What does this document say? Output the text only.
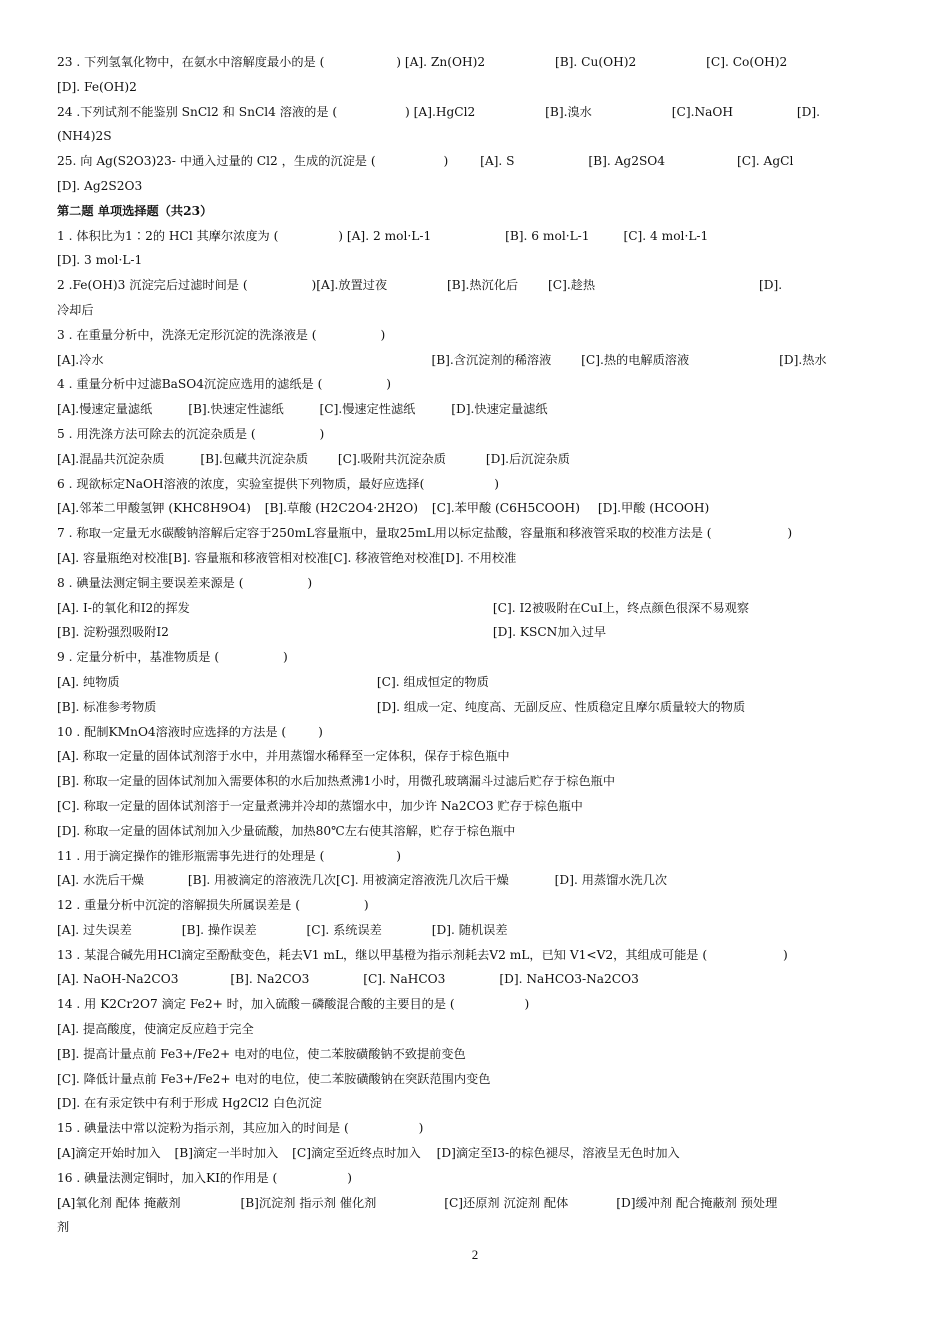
23 . 下列氢氧化物中，在氨水中溶解度最小的是 (	) [A]. Zn(OH)2	[B]. Cu(OH)2	[C]. Co(OH)2
[D]. Fe(OH)2
24 .下列试剂不能鉴别 SnCl2 和 SnCl4 溶液的是 (	) [A].HgCl2	[B].溴水	[C].NaOH	[D].
(NH4)2S
25. 向 Ag(S2O3)23- 中通入过量的 Cl2 ，生成的沉淀是 (	)	[A]. S	[B]. Ag2SO4	[C]. AgCl
[D]. Ag2S2O3
第二题 单项选择题（共23）
1 . 体积比为1∶2的 HCl 其摩尔浓度为 (	) [A]. 2 mol·L-1	[B]. 6 mol·L-1	[C]. 4 mol·L-1
[D]. 3 mol·L-1
2 .Fe(OH)3 沉淀完后过滤时间是 (	)[A].放置过夜	[B].热沉化后 [C].趁热	[D].
冷却后
3 . 在重量分析中，洗涤无定形沉淀的洗涤液是 (	)
[A].冷水	[B].含沉淀剂的稀溶液 [C].热的电解质溶液	[D].热水
4 . 重量分析中过滤BaSO4沉淀应选用的滤纸是 (	)
[A].慢速定量滤纸	[B].快速定性滤纸	[C].慢速定性滤纸	[D].快速定量滤纸
5 . 用洗涤方法可除去的沉淀杂质是 (	)
[A].混晶共沉淀杂质	[B].包藏共沉淀杂质 [C].吸附共沉淀杂质	[D].后沉淀杂质
6 . 现欲标定NaOH溶液的浓度，实验室提供下列物质，最好应选择(	)
[A].邻苯二甲酸氢钾 (KHC8H9O4) [B].草酸 (H2C2O4·2H2O) [C].苯甲酸 (C6H5COOH) [D].甲酸 (HCOOH)
7 . 称取一定量无水碳酸钠溶解后定容于250mL容量瓶中，量取25mL用以标定盐酸，容量瓶和移液管采取的校准方法是 (	)
[A]. 容量瓶绝对校准[B]. 容量瓶和移液管相对校准[C]. 移液管绝对校准[D]. 不用校准
8 . 碘量法测定铜主要误差来源是 (	)
[A]. I-的氧化和I2的挥发	[C]. I2被吸附在CuI上，终点颜色很深不易观察
[B]. 淀粉强烈吸附I2	[D]. KSCN加入过早
9 . 定量分析中，基准物质是 (	)
[A]. 纯物质	[C]. 组成恒定的物质
[B]. 标准参考物质	[D]. 组成一定、纯度高、无副反应、性质稳定且摩尔质量较大的物质
10 . 配制KMnO4溶液时应选择的方法是 (	)
[A]. 称取一定量的固体试剂溶于水中，并用蒸馏水稀释至一定体积，保存于棕色瓶中
[B]. 称取一定量的固体试剂加入需要体积的水后加热煮沸1小时，用微孔玻璃漏斗过滤后贮存于棕色瓶中
[C]. 称取一定量的固体试剂溶于一定量煮沸并冷却的蒸馏水中，加少许 Na2CO3 贮存于棕色瓶中
[D]. 称取一定量的固体试剂加入少量硫酸，加热80℃左右使其溶解，贮存于棕色瓶中
11 . 用于滴定操作的锥形瓶需事先进行的处理是 (	)
[A]. 水洗后干燥	[B]. 用被滴定的溶液洗几次[C]. 用被滴定溶液洗几次后干燥	[D]. 用蒸馏水洗几次
12 . 重量分析中沉淀的溶解损失所属误差是 (	)
[A]. 过失误差	[B]. 操作误差	[C]. 系统误差	[D]. 随机误差
13 . 某混合碱先用HCl滴定至酚酞变色，耗去V1 mL，继以甲基橙为指示剂耗去V2 mL，已知 V1<V2，其组成可能是 (	)
[A]. NaOH-Na2CO3	[B]. Na2CO3	[C]. NaHCO3	[D]. NaHCO3-Na2CO3
14 . 用 K2Cr2O7 滴定 Fe2+ 时，加入硫酸－磷酸混合酸的主要目的是 (	)
[A]. 提高酸度，使滴定反应趋于完全
[B]. 提高计量点前 Fe3+/Fe2+ 电对的电位，使二苯胺磺酸钠不致提前变色
[C]. 降低计量点前 Fe3+/Fe2+ 电对的电位，使二苯胺磺酸钠在突跃范围内变色
[D]. 在有汞定铁中有利于形成 Hg2Cl2 白色沉淀
15 . 碘量法中常以淀粉为指示剂，其应加入的时间是 (	)
[A]滴定开始时加入 [B]滴定一半时加入 [C]滴定至近终点时加入 [D]滴定至I3-的棕色褪尽，溶液呈无色时加入
16 . 碘量法测定铜时，加入KI的作用是 (	)
[A]氧化剂 配体 掩蔽剂	[B]沉淀剂 指示剂 催化剂	[C]还原剂 沉淀剂 配体	[D]缓冲剂 配合掩蔽剂 预处理
剂
2
